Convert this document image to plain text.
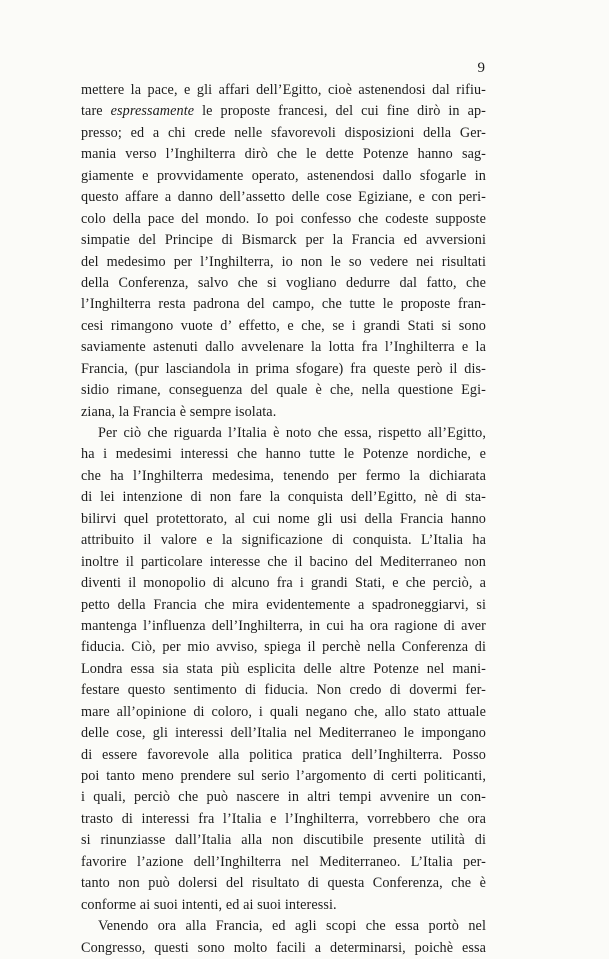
9
mettere la pace, e gli affari dell’Egitto, cioè astenendosi dal rifiu-
tare espressamente le proposte francesi, del cui fine dirò in ap-
presso; ed a chi crede nelle sfavorevoli disposizioni della Ger-
mania verso l’Inghilterra dirò che le dette Potenze hanno sag-
giamente e provvidamente operato, astenendosi dallo sfogarle in
questo affare a danno dell’assetto delle cose Egiziane, e con peri-
colo della pace del mondo. Io poi confesso che codeste supposte
simpatie del Principe di Bismarck per la Francia ed avversioni
del medesimo per l’Inghilterra, io non le so vedere nei risultati
della Conferenza, salvo che si vogliano dedurre dal fatto, che
l’Inghilterra resta padrona del campo, che tutte le proposte fran-
cesi rimangono vuote d’ effetto, e che, se i grandi Stati si sono
saviamente astenuti dallo avvelenare la lotta fra l’Inghilterra e la
Francia, (pur lasciandola in prima sfogare) fra queste però il dis-
sidio rimane, conseguenza del quale è che, nella questione Egi-
ziana, la Francia è sempre isolata.
Per ciò che riguarda l’Italia è noto che essa, rispetto all’Egitto,
ha i medesimi interessi che hanno tutte le Potenze nordiche, e
che ha l’Inghilterra medesima, tenendo per fermo la dichiarata
di lei intenzione di non fare la conquista dell’Egitto, nè di sta-
bilirvi quel protettorato, al cui nome gli usi della Francia hanno
attribuito il valore e la significazione di conquista. L’Italia ha
inoltre il particolare interesse che il bacino del Mediterraneo non
diventi il monopolio di alcuno fra i grandi Stati, e che perciò, a
petto della Francia che mira evidentemente a spadroneggiarvi, si
mantenga l’influenza dell’Inghilterra, in cui ha ora ragione di aver
fiducia. Ciò, per mio avviso, spiega il perchè nella Conferenza di
Londra essa sia stata più esplicita delle altre Potenze nel mani-
festare questo sentimento di fiducia. Non credo di dovermi fer-
mare all’opinione di coloro, i quali negano che, allo stato attuale
delle cose, gli interessi dell’Italia nel Mediterraneo le impongano
di essere favorevole alla politica pratica dell’Inghilterra. Posso
poi tanto meno prendere sul serio l’argomento di certi politicanti,
i quali, perciò che può nascere in altri tempi avvenire un con-
trasto di interessi fra l’Italia e l’Inghilterra, vorrebbero che ora
si rinunziasse dall’Italia alla non discutibile presente utilità di
favorire l’azione dell’Inghilterra nel Mediterraneo. L’Italia per-
tanto non può dolersi del risultato di questa Conferenza, che è
conforme ai suoi intenti, ed ai suoi interessi.
Venendo ora alla Francia, ed agli scopi che essa portò nel
Congresso, questi sono molto facili a determinarsi, poichè essa
